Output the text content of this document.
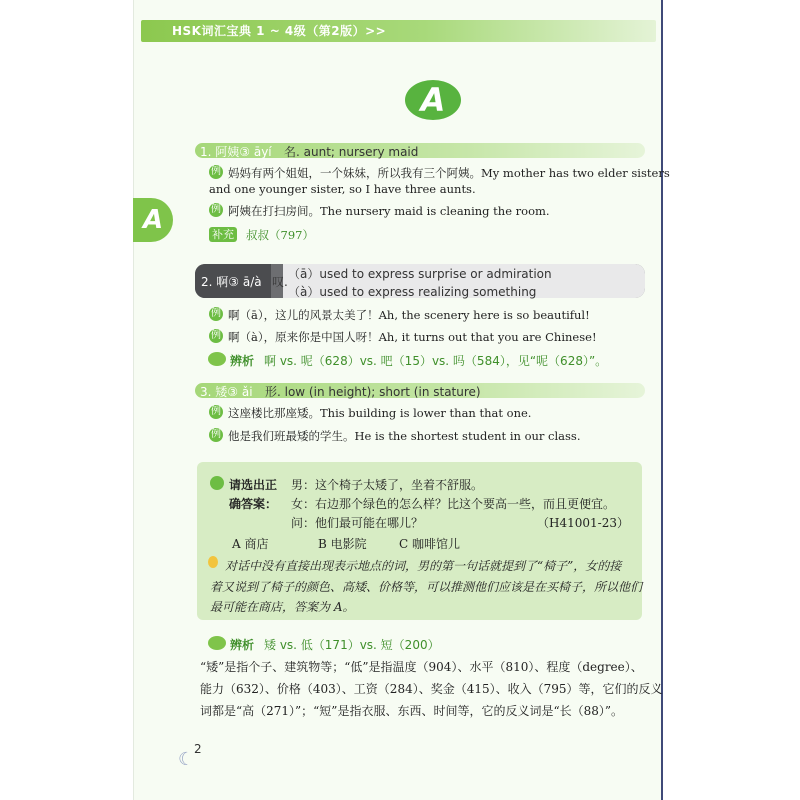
HSK词汇宝典 1 ~ 4级（第2版）>>
A
A
1. 阿姨③ āyí 名. aunt; nursery maid
例 妈妈有两个姐姐，一个妹妹，所以我有三个阿姨。My mother has two elder sisters
and one younger sister, so I have three aunts.
例 阿姨在打扫房间。The nursery maid is cleaning the room.
补充 叔叔（797）
2. 啊③ ā/à 叹.
（ā）used to express surprise or admiration
（à）used to express realizing something
例 啊（ā），这儿的风景太美了！Ah, the scenery here is so beautiful!
例 啊（à），原来你是中国人呀！Ah, it turns out that you are Chinese!
辨析 啊 vs. 呢（628）vs. 吧（15）vs. 吗（584），见“呢（628）”。
3. 矮③ ǎi 形. low (in height); short (in stature)
例 这座楼比那座矮。This building is lower than that one.
例 他是我们班最矮的学生。He is the shortest student in our class.
请选出正
确答案：
男：这个椅子太矮了，坐着不舒服。
女：右边那个绿色的怎么样？比这个要高一些，而且更便宜。
问：他们最可能在哪儿？	（H41001-23）
A 商店	B 电影院	C 咖啡馆儿
对话中没有直接出现表示地点的词，男的第一句话就提到了“椅子”，女的接
着又说到了椅子的颜色、高矮、价格等，可以推测他们应该是在买椅子，所以他们
最可能在商店，答案为 A。
辨析 矮 vs. 低（171）vs. 短（200）
“矮”是指个子、建筑物等；“低”是指温度（904）、水平（810）、程度（degree）、
能力（632）、价格（403）、工资（284）、奖金（415）、收入（795）等，它们的反义
词都是“高（271）”；“短”是指衣服、东西、时间等，它的反义词是“长（88）”。
☾ 2
